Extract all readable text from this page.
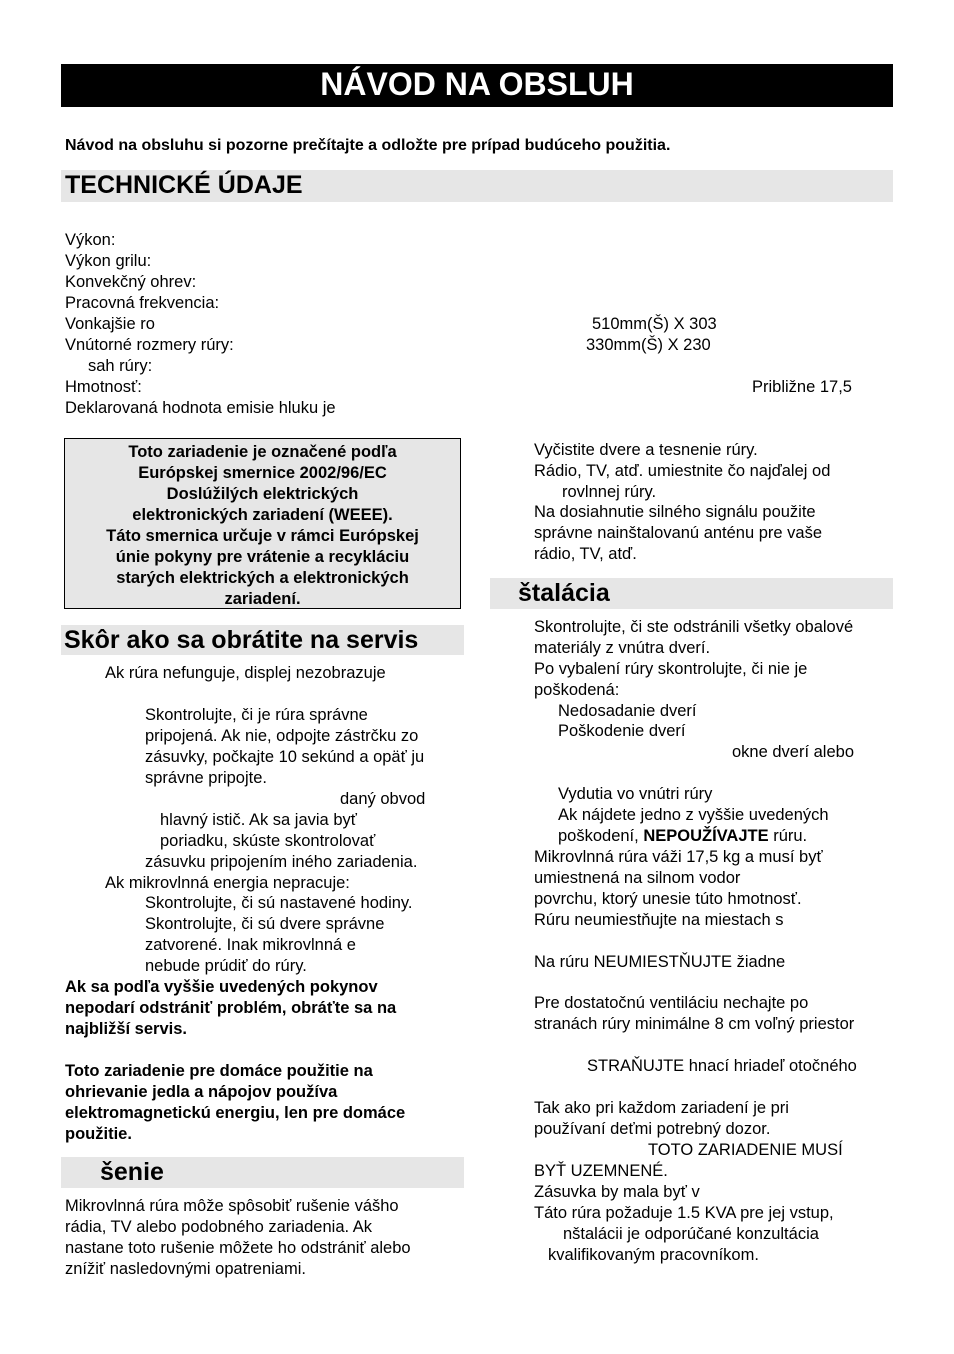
NÁVOD NA OBSLUH
Návod na obsluhu si pozorne prečítajte a odložte pre prípad budúceho použitia.
TECHNICKÉ ÚDAJE
Výkon:
Výkon grilu:
Konvekčný ohrev:
Pracovná frekvencia:
Vonkajšie ro
Vnútorné rozmery rúry:
sah rúry:
Hmotnosť:
Deklarovaná hodnota emisie hluku je
510mm(Š) X 303
330mm(Š) X 230
Približne 17,5
Toto zariadenie je označené podľa
Európskej smernice 2002/96/EC
Doslúžilých elektrických
elektronických zariadení (WEEE).
Táto smernica určuje v rámci Európskej
únie pokyny pre vrátenie a recykláciu
starých elektrických a elektronických
zariadení.
Skôr ako sa obrátite na servis
Ak rúra nefunguje, displej nezobrazuje
Skontrolujte, či je rúra správne
pripojená. Ak nie, odpojte zástrčku zo
zásuvky, počkajte 10 sekúnd a opäť ju
správne pripojte.
daný obvod
hlavný istič. Ak sa javia byť
poriadku, skúste skontrolovať
zásuvku pripojením iného zariadenia.
Ak mikrovlnná energia nepracuje:
Skontrolujte, či sú nastavené hodiny.
Skontrolujte, či sú dvere správne
zatvorené. Inak mikrovlnná e
nebude prúdiť do rúry.
Ak sa podľa vyššie uvedených pokynov
nepodarí odstrániť problém, obráťte sa na
najbližší servis.
Toto zariadenie pre domáce použitie na
ohrievanie jedla a nápojov používa
elektromagnetickú energiu, len pre domáce
použitie.
šenie
Mikrovlnná rúra môže spôsobiť rušenie vášho
rádia, TV alebo podobného zariadenia. Ak
nastane toto rušenie môžete ho odstrániť alebo
znížiť nasledovnými opatreniami.
Vyčistite dvere a tesnenie rúry.
Rádio, TV, atď. umiestnite čo najďalej od
rovlnnej rúry.
Na dosiahnutie silného signálu použite
správne nainštalovanú anténu pre vaše
rádio, TV, atď.
štalácia
Skontrolujte, či ste odstránili všetky obalové
materiály z vnútra dverí.
Po vybalení rúry skontrolujte, či nie je
poškodená:
Nedosadanie dverí
Poškodenie dverí
okne dverí alebo
Vydutia vo vnútri rúry
Ak nájdete jedno z vyššie uvedených
poškodení, NEPOUŽÍVAJTE rúru.
Mikrovlnná rúra váži 17,5 kg a musí byť
umiestnená na silnom vodor
povrchu, ktorý unesie túto hmotnosť.
Rúru neumiestňujte na miestach s
Na rúru NEUMIESTŇUJTE žiadne
Pre dostatočnú ventiláciu nechajte po
stranách rúry minimálne 8 cm voľný priestor
STRAŇUJTE hnací hriadeľ otočného
Tak ako pri každom zariadení je pri
používaní deťmi potrebný dozor.
TOTO ZARIADENIE MUSÍ
BYŤ UZEMNENÉ.
Zásuvka by mala byť v
Táto rúra požaduje 1.5 KVA pre jej vstup,
nštalácii je odporúčané konzultácia
kvalifikovaným pracovníkom.
